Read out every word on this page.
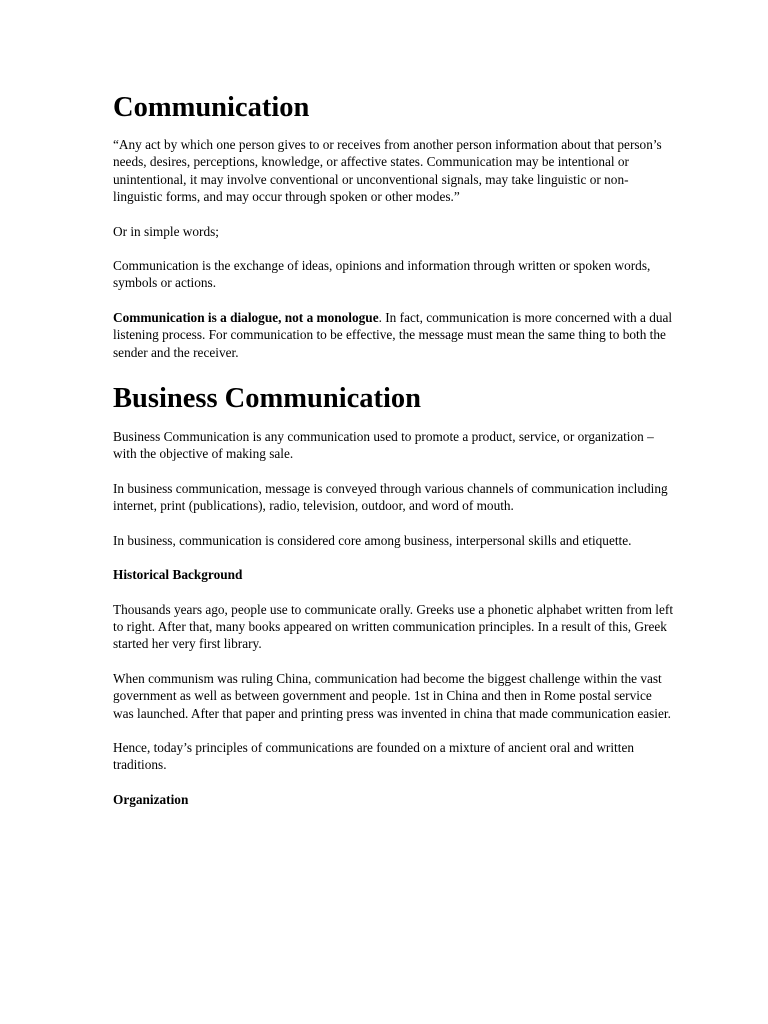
Communication

“Any act by which one person gives to or receives from another person information about that person’s needs, desires, perceptions, knowledge, or affective states. Communication may be intentional or unintentional, it may involve conventional or unconventional signals, may take linguistic or non-linguistic forms, and may occur through spoken or other modes.”

Or in simple words;

Communication is the exchange of ideas, opinions and information through written or spoken words, symbols or actions.

Communication is a dialogue, not a monologue. In fact, communication is more concerned with a dual listening process. For communication to be effective, the message must mean the same thing to both the sender and the receiver.

Business Communication

Business Communication is any communication used to promote a product, service, or organization – with the objective of making sale.

In business communication, message is conveyed through various channels of communication including internet, print (publications), radio, television, outdoor, and word of mouth.

In business, communication is considered core among business, interpersonal skills and etiquette.

Historical Background

Thousands years ago, people use to communicate orally. Greeks use a phonetic alphabet written from left to right. After that, many books appeared on written communication principles. In a result of this, Greek started her very first library.

When communism was ruling China, communication had become the biggest challenge within the vast government as well as between government and people. 1st in China and then in Rome postal service was launched. After that paper and printing press was invented in china that made communication easier.

Hence, today’s principles of communications are founded on a mixture of ancient oral and written traditions.

Organization
